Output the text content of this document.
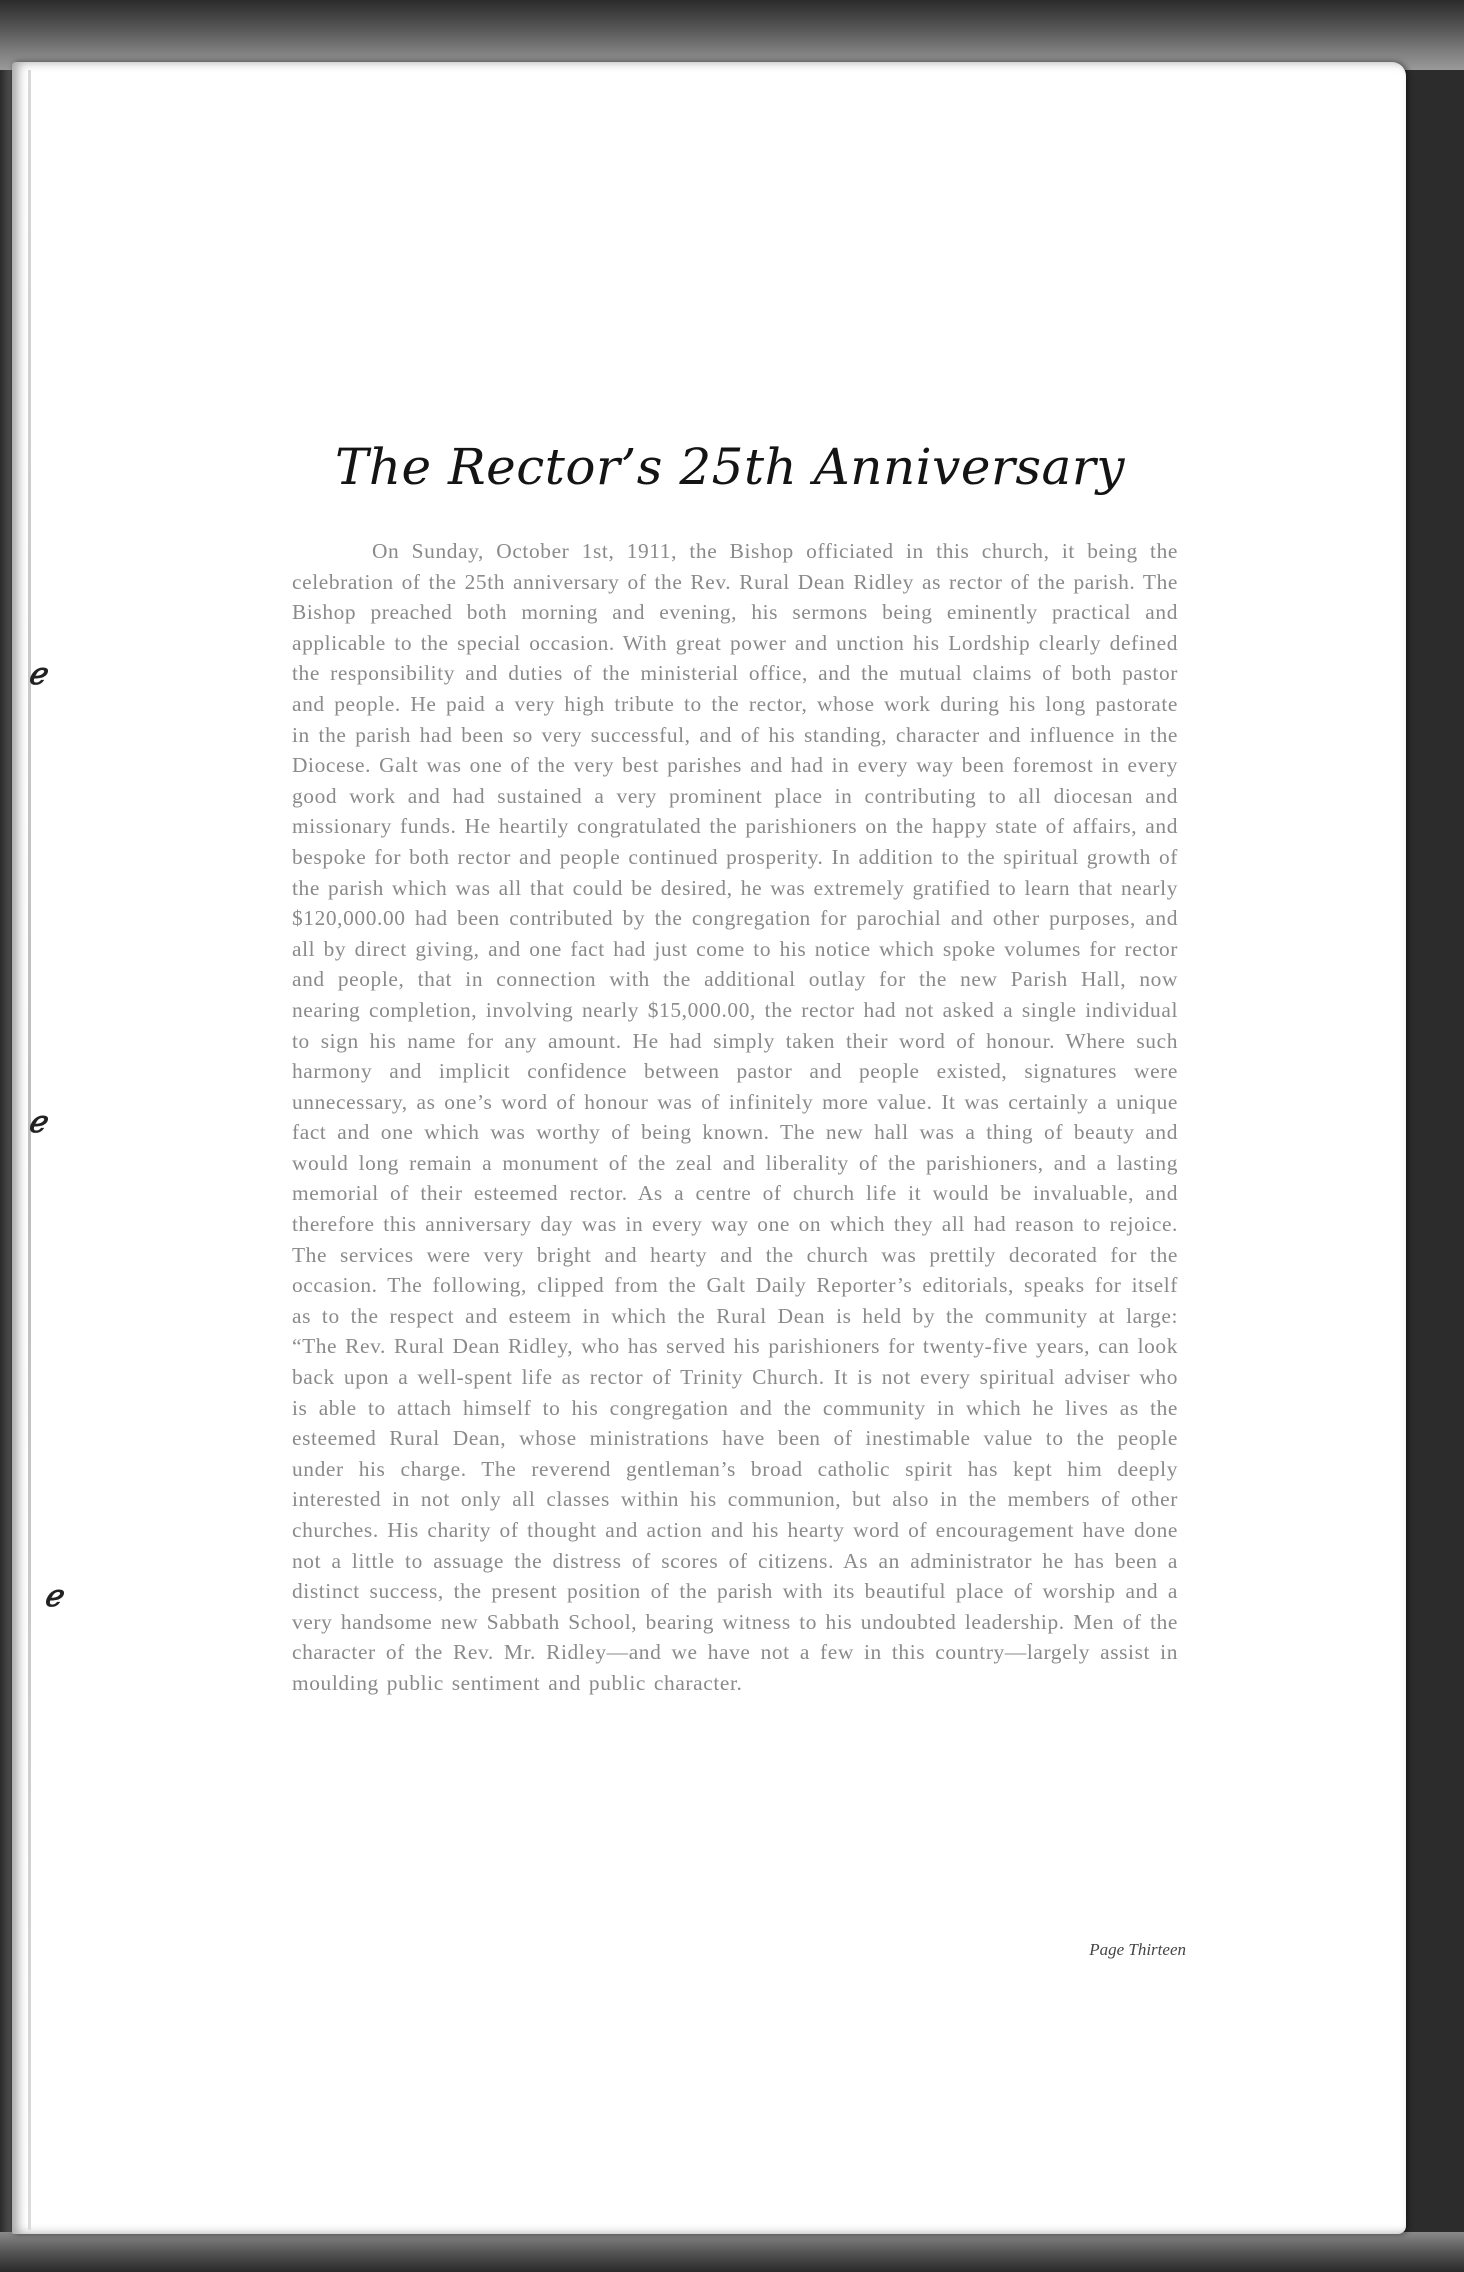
ℯ
ℯ
ℯ
The Rector’s 25th Anniversary

On Sunday, October 1st, 1911, the Bishop officiated in this church, it being the celebration of the 25th anniversary of the Rev. Rural Dean Ridley as rector of the parish. The Bishop preached both morning and evening, his sermons being eminently practical and applicable to the special occasion. With great power and unction his Lordship clearly defined the responsibility and duties of the ministerial office, and the mutual claims of both pastor and people. He paid a very high tribute to the rector, whose work during his long pastorate in the parish had been so very successful, and of his standing, character and influence in the Diocese. Galt was one of the very best parishes and had in every way been foremost in every good work and had sustained a very prominent place in contributing to all diocesan and missionary funds. He heartily congratulated the parishioners on the happy state of affairs, and bespoke for both rector and people continued prosperity. In addition to the spiritual growth of the parish which was all that could be desired, he was extremely gratified to learn that nearly $120,000.00 had been contributed by the congregation for parochial and other purposes, and all by direct giving, and one fact had just come to his notice which spoke volumes for rector and people, that in connection with the additional outlay for the new Parish Hall, now nearing completion, involving nearly $15,000.00, the rector had not asked a single individual to sign his name for any amount. He had simply taken their word of honour. Where such harmony and implicit confidence between pastor and people existed, signatures were unnecessary, as one’s word of honour was of infinitely more value. It was certainly a unique fact and one which was worthy of being known. The new hall was a thing of beauty and would long remain a monument of the zeal and liberality of the parishioners, and a lasting memorial of their esteemed rector. As a centre of church life it would be invaluable, and therefore this anniversary day was in every way one on which they all had reason to rejoice. The services were very bright and hearty and the church was prettily decorated for the occasion. The following, clipped from the Galt Daily Reporter’s editorials, speaks for itself as to the respect and esteem in which the Rural Dean is held by the community at large: “The Rev. Rural Dean Ridley, who has served his parishioners for twenty-five years, can look back upon a well-spent life as rector of Trinity Church. It is not every spiritual adviser who is able to attach himself to his congregation and the community in which he lives as the esteemed Rural Dean, whose ministrations have been of inestimable value to the people under his charge. The reverend gentleman’s broad catholic spirit has kept him deeply interested in not only all classes within his communion, but also in the members of other churches. His charity of thought and action and his hearty word of encouragement have done not a little to assuage the distress of scores of citizens. As an administrator he has been a distinct success, the present position of the parish with its beautiful place of worship and a very handsome new Sabbath School, bearing witness to his undoubted leadership. Men of the character of the Rev. Mr. Ridley—and we have not a few in this country—largely assist in moulding public sentiment and public character.

Page Thirteen
